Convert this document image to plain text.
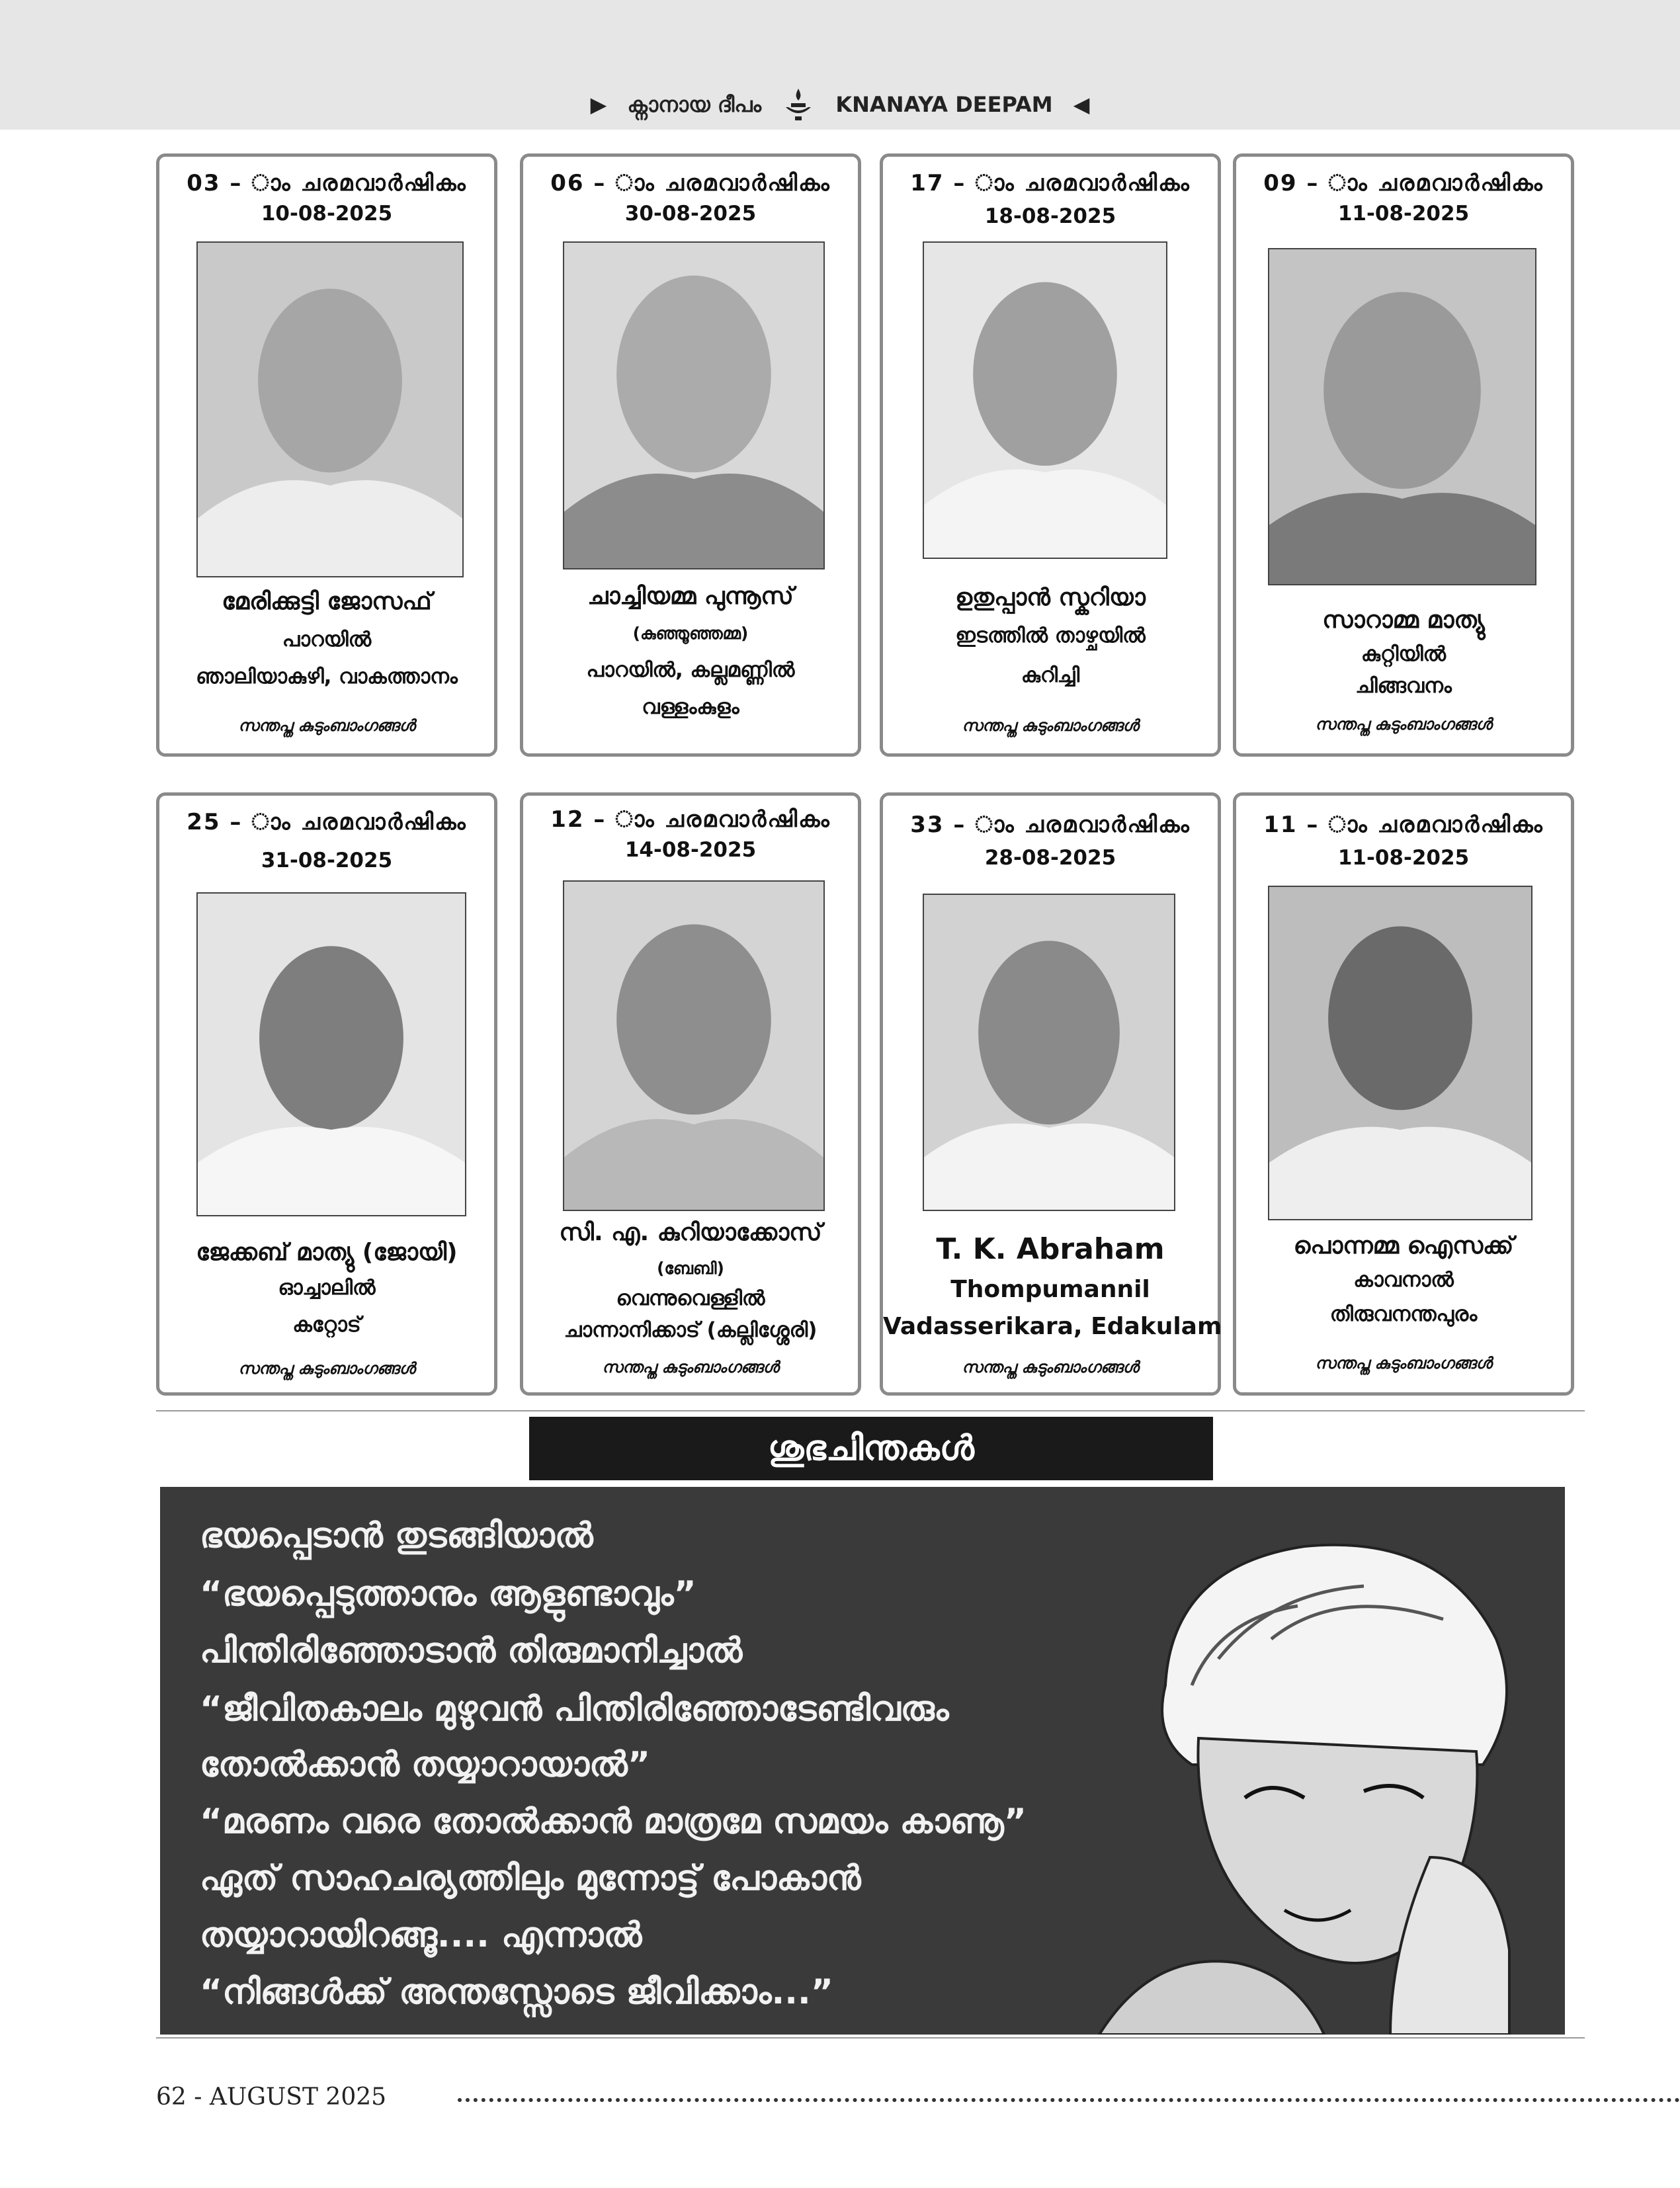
▶ ക്നാനായ ദീപം	KNANAYA DEEPAM ◀
03 – ാം ചരമവാർഷികം
10-08-2025
മേരിക്കുട്ടി ജോസഫ്
പാറയിൽ
ഞാലിയാകുഴി, വാകത്താനം
സന്തപ്ത കുടുംബാംഗങ്ങൾ
06 – ാം ചരമവാർഷികം
30-08-2025
ചാച്ചിയമ്മ പുന്നൂസ്
(കുഞ്ഞൂഞ്ഞമ്മ)
പാറയിൽ, കല്ലമണ്ണിൽ
വള്ളംകുളം
17 – ാം ചരമവാർഷികം
18-08-2025
ഉതുപ്പാൻ സ്കറിയാ
ഇടത്തിൽ താഴ്ചയിൽ
കുറിച്ചി
സന്തപ്ത കുടുംബാംഗങ്ങൾ
09 – ാം ചരമവാർഷികം
11-08-2025
സാറാമ്മ മാത്യു
കുറ്റിയിൽ
ചിങ്ങവനം
സന്തപ്ത കുടുംബാംഗങ്ങൾ
25 – ാം ചരമവാർഷികം
31-08-2025
ജേക്കബ് മാത്യു (ജോയി)
ഓച്ചാലിൽ
കറ്റോട്
സന്തപ്ത കുടുംബാംഗങ്ങൾ
12 – ാം ചരമവാർഷികം
14-08-2025
സി. എ. കുറിയാക്കോസ്
(ബേബി)
വെന്നുവെള്ളിൽ
ചാന്നാനിക്കാട് (കല്ലിശ്ശേരി)
സന്തപ്ത കുടുംബാംഗങ്ങൾ
33 – ാം ചരമവാർഷികം
28-08-2025
T. K. Abraham
Thompumannil
Vadasserikara, Edakulam
സന്തപ്ത കുടുംബാംഗങ്ങൾ
11 – ാം ചരമവാർഷികം
11-08-2025
പൊന്നമ്മ ഐസക്ക്
കാവനാൽ
തിരുവനന്തപുരം
സന്തപ്ത കുടുംബാംഗങ്ങൾ
ശുഭചിന്തകൾ
ഭയപ്പെടാൻ തുടങ്ങിയാൽ
“ഭയപ്പെടുത്താനും ആളുണ്ടാവും”
പിന്തിരിഞ്ഞോടാൻ തിരുമാനിച്ചാൽ
“ജീവിതകാലം മുഴുവൻ പിന്തിരിഞ്ഞോടേണ്ടിവരും
തോൽക്കാൻ തയ്യാറായാൽ”
“മരണം വരെ തോൽക്കാൻ മാത്രമേ സമയം കാണൂ”
ഏത് സാഹചര്യത്തിലും മുന്നോട്ട് പോകാൻ
തയ്യാറായിറങ്ങൂ.... എന്നാൽ
“നിങ്ങൾക്ക് അന്തസ്സോടെ ജീവിക്കാം...”
62 - AUGUST 2025
